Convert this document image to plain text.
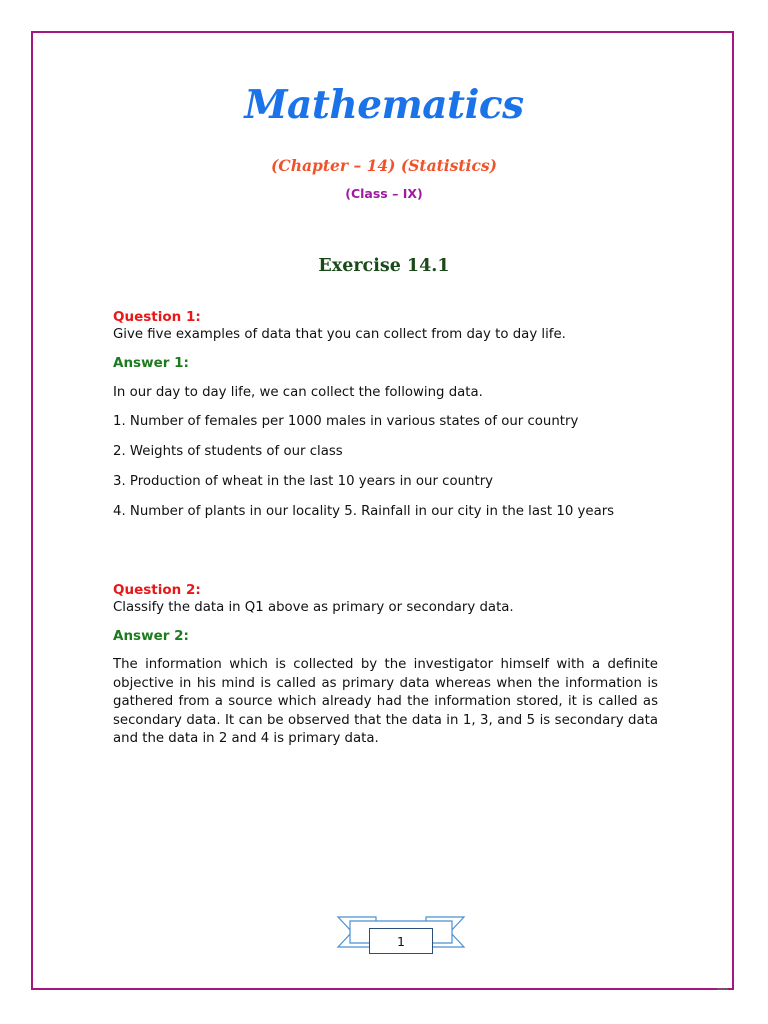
Mathematics
(Chapter – 14) (Statistics)
(Class – IX)
Exercise 14.1
Question 1:
Give five examples of data that you can collect from day to day life.
Answer 1:
In our day to day life, we can collect the following data.
1. Number of females per 1000 males in various states of our country
2. Weights of students of our class
3. Production of wheat in the last 10 years in our country
4. Number of plants in our locality 5. Rainfall in our city in the last 10 years
Question 2:
Classify the data in Q1 above as primary or secondary data.
Answer 2:
The information which is collected by the investigator himself with a definite objective in his mind is called as primary data whereas when the information is gathered from a source which already had the information stored, it is called as secondary data. It can be observed that the data in 1, 3, and 5 is secondary data and the data in 2 and 4 is primary data.
1
▪▪▪▪
